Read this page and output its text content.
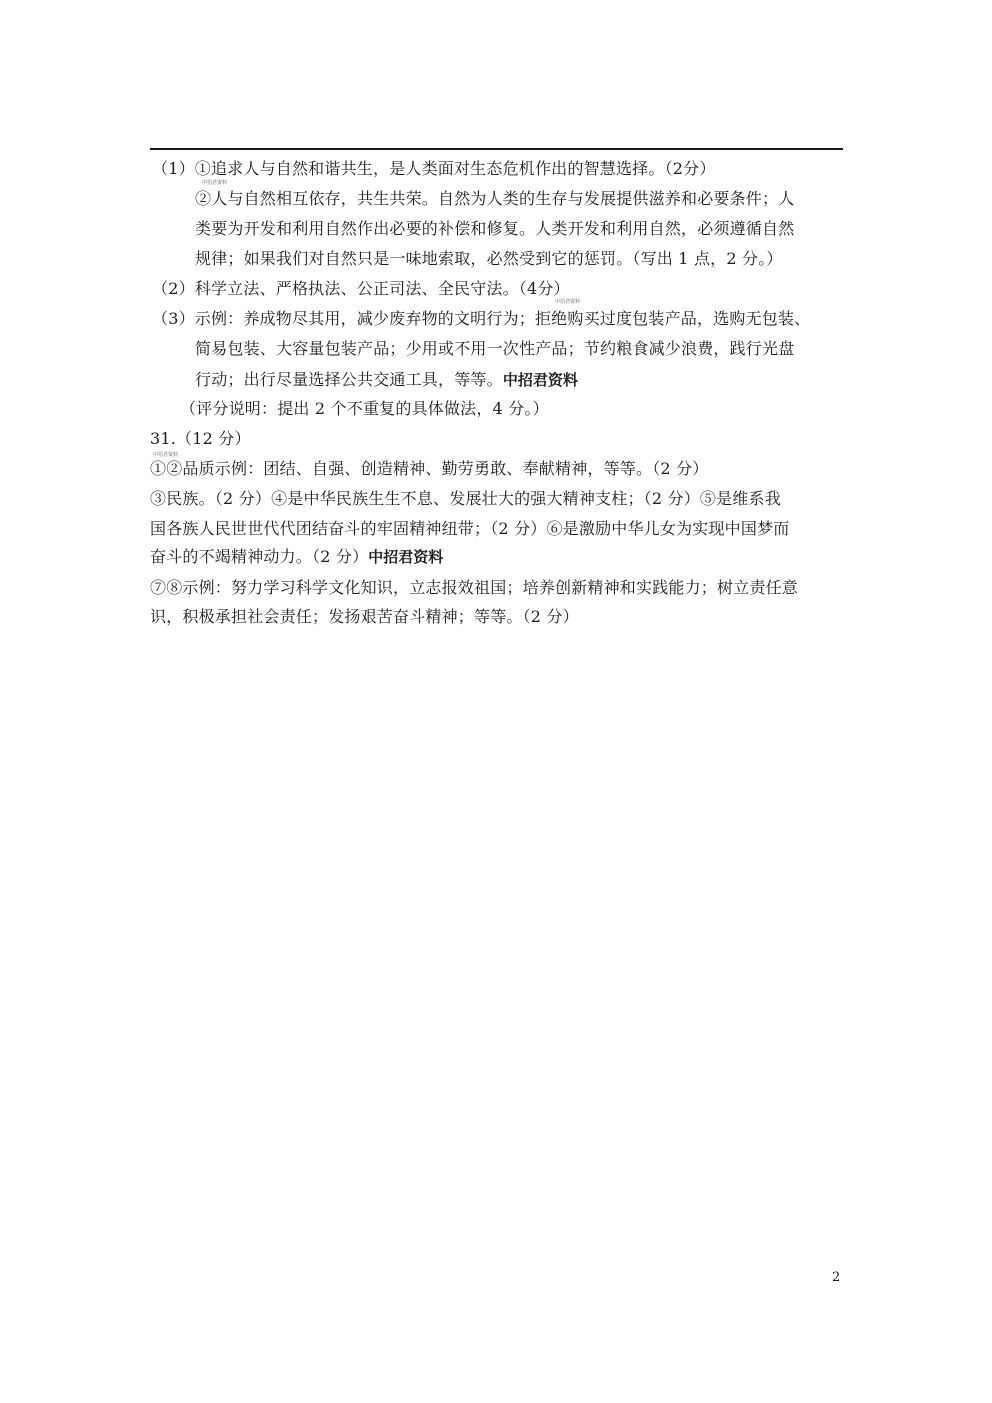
中招君资料
中招君资料
中招君资料
（1）①追求人与自然和谐共生，是人类面对生态危机作出的智慧选择。（2分）
②人与自然相互依存，共生共荣。自然为人类的生存与发展提供滋养和必要条件；人
类要为开发和利用自然作出必要的补偿和修复。人类开发和利用自然，必须遵循自然
规律；如果我们对自然只是一味地索取，必然受到它的惩罚。（写出 1 点，2 分。）
（2）科学立法、严格执法、公正司法、全民守法。（4分）
（3）示例：养成物尽其用，减少废弃物的文明行为；拒绝购买过度包装产品，选购无包装、
简易包装、大容量包装产品；少用或不用一次性产品；节约粮食减少浪费，践行光盘
行动；出行尽量选择公共交通工具，等等。中招君资料
（评分说明：提出 2 个不重复的具体做法，4 分。）
31.（12 分）
①②品质示例：团结、自强、创造精神、勤劳勇敢、奉献精神，等等。（2 分）
③民族。（2 分）④是中华民族生生不息、发展壮大的强大精神支柱；（2 分）⑤是维系我
国各族人民世世代代团结奋斗的牢固精神纽带；（2 分）⑥是激励中华儿女为实现中国梦而
奋斗的不竭精神动力。（2 分）中招君资料
⑦⑧示例：努力学习科学文化知识，立志报效祖国；培养创新精神和实践能力；树立责任意
识，积极承担社会责任；发扬艰苦奋斗精神；等等。（2 分）
2
